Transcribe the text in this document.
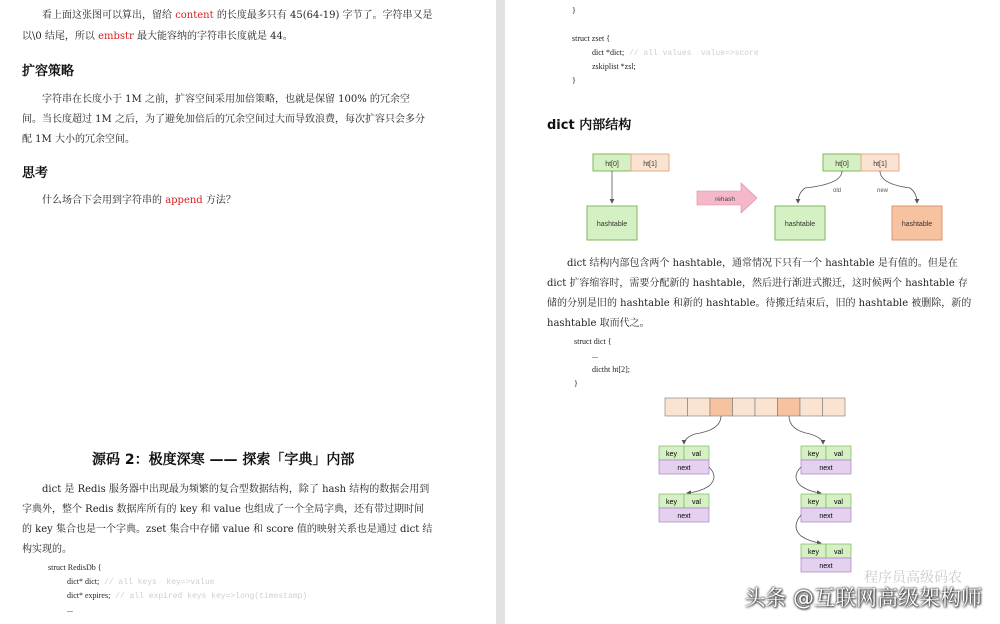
看上面这张图可以算出，留给 content 的长度最多只有 45(64-19) 字节了。字符串又是
以\0 结尾，所以 embstr 最大能容纳的字符串长度就是 44。
扩容策略
字符串在长度小于 1M 之前，扩容空间采用加倍策略，也就是保留 100% 的冗余空
间。当长度超过 1M 之后，为了避免加倍后的冗余空间过大而导致浪费，每次扩容只会多分
配 1M 大小的冗余空间。
思考
什么场合下会用到字符串的 append 方法？
源码 2：极度深寒 —— 探索「字典」内部
dict 是 Redis 服务器中出现最为频繁的复合型数据结构，除了 hash 结构的数据会用到
字典外，整个 Redis 数据库所有的 key 和 value 也组成了一个全局字典，还有带过期时间
的 key 集合也是一个字典。zset 集合中存储 value 和 score 值的映射关系也是通过 dict 结
构实现的。
struct RedisDb {
dict* dict; // all keys  key=>value
dict* expires; // all expired keys key=>long(timestamp)
...
}
struct zset {
dict *dict; // all values  value=>score
zskiplist *zsl;
}
dict 内部结构
ht[0]	ht[1]
hashtable
rehash
ht[0]	ht[1]
old	new
hashtable	hashtable
dict 结构内部包含两个 hashtable，通常情况下只有一个 hashtable 是有值的。但是在
dict 扩容缩容时，需要分配新的 hashtable，然后进行渐进式搬迁，这时候两个 hashtable 存
储的分别是旧的 hashtable 和新的 hashtable。待搬迁结束后，旧的 hashtable 被删除，新的
hashtable 取而代之。
struct dict {
...
dictht ht[2];
}
key val
next
key val
next
key val
next
key val
next
key val
next
程序员高级码农
头条 @互联网高级架构师
